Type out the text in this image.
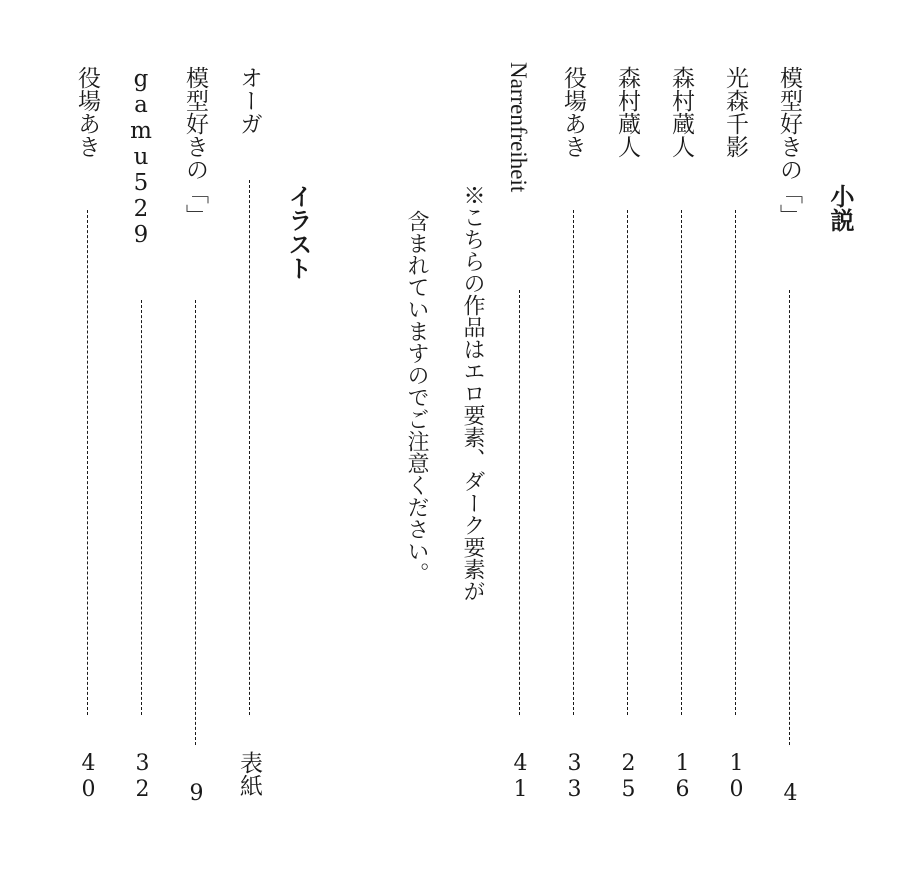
小説
模型好きの「」
4
光森千影
10
森村蔵人
16
森村蔵人
25
役場あき
33
Narrenfreiheit
41
※こちらの作品はエロ要素、ダーク要素が
含まれていますのでご注意ください。
イラスト
オーガ
表紙
模型好きの「」
9
gamu529
32
役場あき
40
